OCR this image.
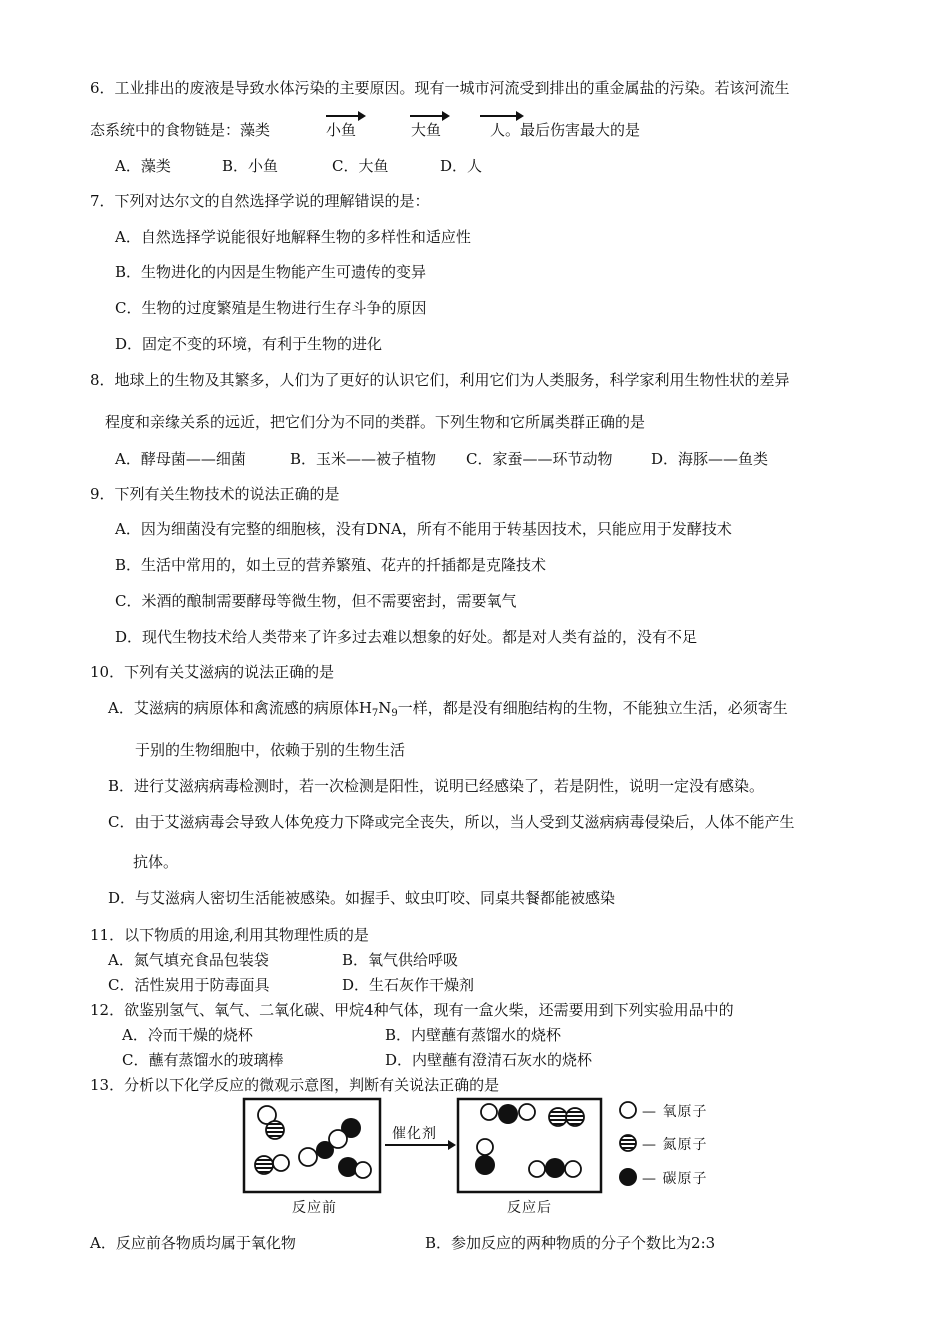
6．工业排出的废液是导致水体污染的主要原因。现有一城市河流受到排出的重金属盐的污染。若该河流生
态系统中的食物链是：藻类	小鱼	大鱼	人。最后伤害最大的是
A．藻类	B．小鱼	C．大鱼	D．人
7．下列对达尔文的自然选择学说的理解错误的是：
A．自然选择学说能很好地解释生物的多样性和适应性
B．生物进化的内因是生物能产生可遗传的变异
C．生物的过度繁殖是生物进行生存斗争的原因
D．固定不变的环境，有利于生物的进化
8．地球上的生物及其繁多，人们为了更好的认识它们，利用它们为人类服务，科学家利用生物性状的差异
程度和亲缘关系的远近，把它们分为不同的类群。下列生物和它所属类群正确的是
A．酵母菌——细菌	B．玉米——被子植物 C．家蚕——环节动物	D．海豚——鱼类
9．下列有关生物技术的说法正确的是
A．因为细菌没有完整的细胞核，没有DNA，所有不能用于转基因技术，只能应用于发酵技术
B．生活中常用的，如土豆的营养繁殖、花卉的扦插都是克隆技术
C．米酒的酿制需要酵母等微生物，但不需要密封，需要氧气
D．现代生物技术给人类带来了许多过去难以想象的好处。都是对人类有益的，没有不足
10．下列有关艾滋病的说法正确的是
A．艾滋病的病原体和禽流感的病原体$H_7N_9$一样，都是没有细胞结构的生物，不能独立生活，必须寄生
于别的生物细胞中，依赖于别的生物生活
B．进行艾滋病病毒检测时，若一次检测是阳性，说明已经感染了，若是阴性，说明一定没有感染。
C．由于艾滋病毒会导致人体免疫力下降或完全丧失，所以，当人受到艾滋病病毒侵染后，人体不能产生
抗体。
D．与艾滋病人密切生活能被感染。如握手、蚊虫叮咬、同桌共餐都能被感染
11．以下物质的用途,利用其物理性质的是
A．氮气填充食品包装袋	B．氧气供给呼吸
C．活性炭用于防毒面具	D．生石灰作干燥剂
12．欲鉴别氢气、氧气、二氧化碳、甲烷4种气体，现有一盒火柴，还需要用到下列实验用品中的
A．冷而干燥的烧杯	B．内壁蘸有蒸馏水的烧杯
C．蘸有蒸馏水的玻璃棒	D．内壁蘸有澄清石灰水的烧杯
13．分析以下化学反应的微观示意图，判断有关说法正确的是
催化剂
反应前	反应后
— 氧原子
— 氮原子
— 碳原子
A．反应前各物质均属于氧化物	B．参加反应的两种物质的分子个数比为2:3
